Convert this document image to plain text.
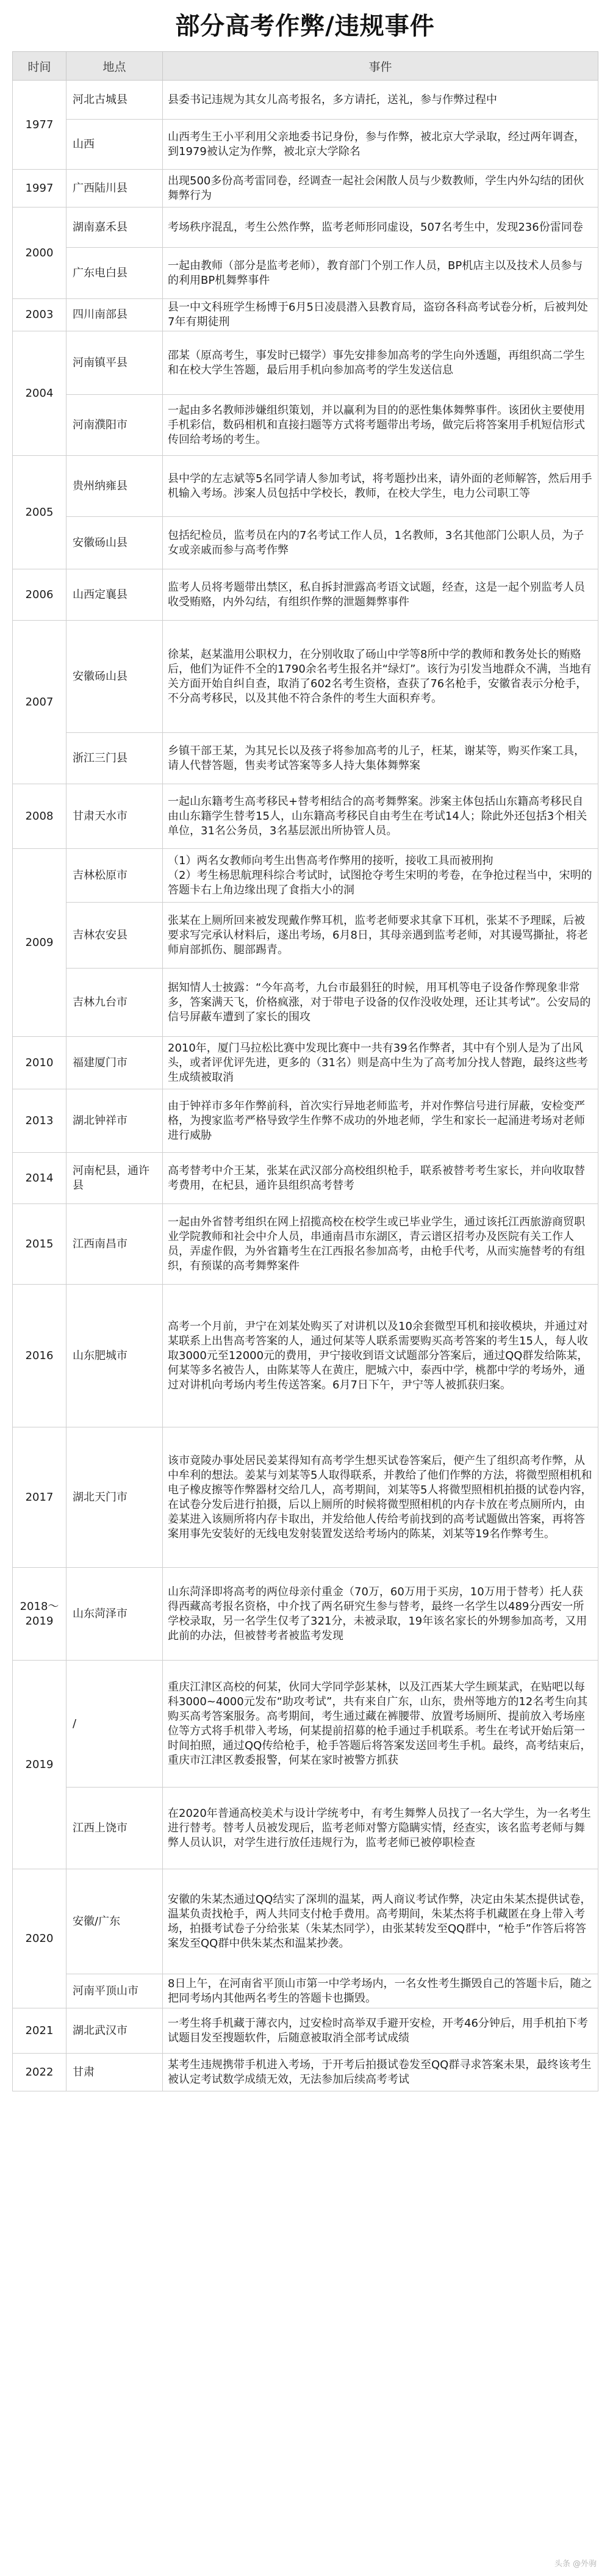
部分高考作弊/违规事件
时间	地点	事件
1977	河北古城县	县委书记违规为其女儿高考报名，多方请托，送礼，参与作弊过程中
	山西	山西考生王小平利用父亲地委书记身份，参与作弊，被北京大学录取，经过两年调查，到1979被认定为作弊，被北京大学除名
1997	广西陆川县	出现500多份高考雷同卷，经调查一起社会闲散人员与少数教师，学生内外勾结的团伙舞弊行为
2000	湖南嘉禾县	考场秩序混乱，考生公然作弊，监考老师形同虚设，507名考生中，发现236份雷同卷
	广东电白县	一起由教师（部分是监考老师），教育部门个别工作人员，BP机店主以及技术人员参与的利用BP机舞弊事件
2003	四川南部县	县一中文科班学生杨博于6月5日凌晨潜入县教育局，盗窃各科高考试卷分析，后被判处7年有期徒刑
2004	河南镇平县	邵某（原高考生，事发时已辍学）事先安排参加高考的学生向外透题，再组织高二学生和在校大学生答题，最后用手机向参加高考的学生发送信息
	河南濮阳市	一起由多名教师涉嫌组织策划，并以赢利为目的的恶性集体舞弊事件。该团伙主要使用手机彩信，数码相机和直接扫题等方式将考题带出考场，做完后将答案用手机短信形式传回给考场的考生。
2005	贵州纳雍县	县中学的左志斌等5名同学请人参加考试，将考题抄出来，请外面的老师解答，然后用手机输入考场。涉案人员包括中学校长，教师，在校大学生，电力公司职工等
	安徽砀山县	包括纪检员，监考员在内的7名考试工作人员，1名教师，3名其他部门公职人员，为子女或亲戚而参与高考作弊
2006	山西定襄县	监考人员将考题带出禁区，私自拆封泄露高考语文试题，经查，这是一起个别监考人员收受贿赂，内外勾结，有组织作弊的泄题舞弊事件
2007	安徽砀山县	徐某，赵某滥用公职权力，在分别收取了砀山中学等8所中学的教师和教务处长的贿赂后，他们为证件不全的1790余名考生报名并“绿灯”。该行为引发当地群众不满，当地有关方面开始自纠自查，取消了602名考生资格，查获了76名枪手，安徽省表示分枪手，不分高考移民，以及其他不符合条件的考生大面积弃考。
	浙江三门县	乡镇干部王某，为其兄长以及孩子将参加高考的儿子，枉某，谢某等，购买作案工具，请人代替答题，售卖考试答案等多人持大集体舞弊案
2008	甘肃天水市	一起山东籍考生高考移民+替考相结合的高考舞弊案。涉案主体包括山东籍高考移民自由山东籍学生替考15人，山东籍高考移民自由考生在考试14人；除此外还包括3个相关单位，31名公务员，3名基层派出所协管人员。
2009	吉林松原市	（1）两名女教师向考生出售高考作弊用的接听，接收工具而被刑拘
（2）考生杨思航理科综合考试时，试图抢夺考生宋明的考卷，在争抢过程当中，宋明的答题卡右上角边缘出现了食指大小的洞
	吉林农安县	张某在上厕所回来被发现戴作弊耳机，监考老师要求其拿下耳机，张某不予理睬，后被要求写完承认材料后，遂出考场，6月8日，其母亲遇到监考老师，对其谩骂撕扯，将老师肩部抓伤、腿部踢青。
	吉林九台市	据知情人士披露：“今年高考，九台市最猖狂的时候，用耳机等电子设备作弊现象非常多，答案满天飞，价格疯涨，对于带电子设备的仅作没收处理，还让其考试”。公安局的信号屏蔽车遭到了家长的围攻
2010	福建厦门市	2010年，厦门马拉松比赛中发现比赛中一共有39名作弊者，其中有个别人是为了出风头，或者评优评先进，更多的（31名）则是高中生为了高考加分找人替跑，最终这些考生成绩被取消
2013	湖北钟祥市	由于钟祥市多年作弊前科，首次实行异地老师监考，并对作弊信号进行屏蔽，安检变严格，为搜家监考严格导致学生作弊不成功的外地老师，学生和家长一起涌进考场对老师进行威胁
2014	河南杞县，通许县	高考替考中介王某，张某在武汉部分高校组织枪手，联系被替考考生家长，并向收取替考费用，在杞县，通许县组织高考替考
2015	江西南昌市	一起由外省替考组织在网上招揽高校在校学生或已毕业学生，通过该托江西旅游商贸职业学院教师和社会中介人员，串通南昌市东湖区，青云谱区招考办及医院有关工作人员，弄虚作假，为外省籍考生在江西报名参加高考，由枪手代考，从而实施替考的有组织，有预谋的高考舞弊案件
2016	山东肥城市	高考一个月前，尹宁在刘某处购买了对讲机以及10余套微型耳机和接收模块，并通过对某联系上出售高考答案的人，通过何某等人联系需要购买高考答案的考生15人，每人收取3000元至12000元的费用，尹宁接收到语文试题部分答案后，通过QQ群发给陈某，何某等多名被告人，由陈某等人在黄庄，肥城六中，泰西中学，桃都中学的考场外，通过对讲机向考场内考生传送答案。6月7日下午，尹宁等人被抓获归案。
2017	湖北天门市	该市竟陵办事处居民姜某得知有高考学生想买试卷答案后，便产生了组织高考作弊，从中牟利的想法。姜某与刘某等5人取得联系，并教给了他们作弊的方法，将微型照相机和电子橡皮擦等作弊器材交给几人，高考期间，刘某等5人将微型照相机拍摄的试卷内容，在试卷分发后进行拍摄，后以上厕所的时候将微型照相机的内存卡放在考点厕所内，由姜某进入该厕所将内存卡取出，并发给他人传给考前找到的高考试题做出答案，再将答案用事先安装好的无线电发射装置发送给考场内的陈某，刘某等19名作弊考生。
2018～2019	山东菏泽市	山东菏泽即将高考的两位母亲付重金（70万，60万用于买房，10万用于替考）托人获得西藏高考报名资格，中介找了两名研究生参与替考，最终一名学生以489分西安一所学校录取，另一名学生仅考了321分，未被录取，19年该名家长的外甥参加高考，又用此前的办法，但被替考者被监考发现
2019	/	重庆江津区高校的何某，伙同大学同学彭某林，以及江西某大学生顾某武，在贴吧以每科3000~4000元发布“助攻考试”，共有来自广东，山东，贵州等地方的12名考生向其购买高考答案服务。高考期间，考生通过藏在裤腰带、放置考场厕所、提前放入考场座位等方式将手机带入考场，何某提前招募的枪手通过手机联系。考生在考试开始后第一时间拍照，通过QQ传给枪手，枪手答题后将答案发送回考生手机。最终，高考结束后，重庆市江津区教委报警，何某在家时被警方抓获
	江西上饶市	在2020年普通高校美术与设计学统考中，有考生舞弊人员找了一名大学生，为一名考生进行替考。替考人员被发现后，监考老师对警方隐瞒实情，经查实，该名监考老师与舞弊人员认识，对学生进行放任违规行为，监考老师已被停职检查
2020	安徽/广东	安徽的朱某杰通过QQ结实了深圳的温某，两人商议考试作弊，决定由朱某杰提供试卷，温某负责找枪手，两人共同支付枪手费用。高考期间，朱某杰将手机藏匿在身上带入考场，拍摄考试卷子分给张某（朱某杰同学），由张某转发至QQ群中，“枪手”作答后将答案发至QQ群中供朱某杰和温某抄袭。
	河南平顶山市	8日上午，在河南省平顶山市第一中学考场内，一名女性考生撕毁自己的答题卡后，随之把同考场内其他两名考生的答题卡也撕毁。
2021	湖北武汉市	一考生将手机藏于薄衣内，过安检时高举双手避开安检，开考46分钟后，用手机拍下考试题目发至搜题软件，后随意被取消全部考试成绩
2022	甘肃	某考生违规携带手机进入考场，于开考后拍摄试卷发至QQ群寻求答案未果，最终该考生被认定考试数学成绩无效，无法参加后续高考考试
头条 @外驹
